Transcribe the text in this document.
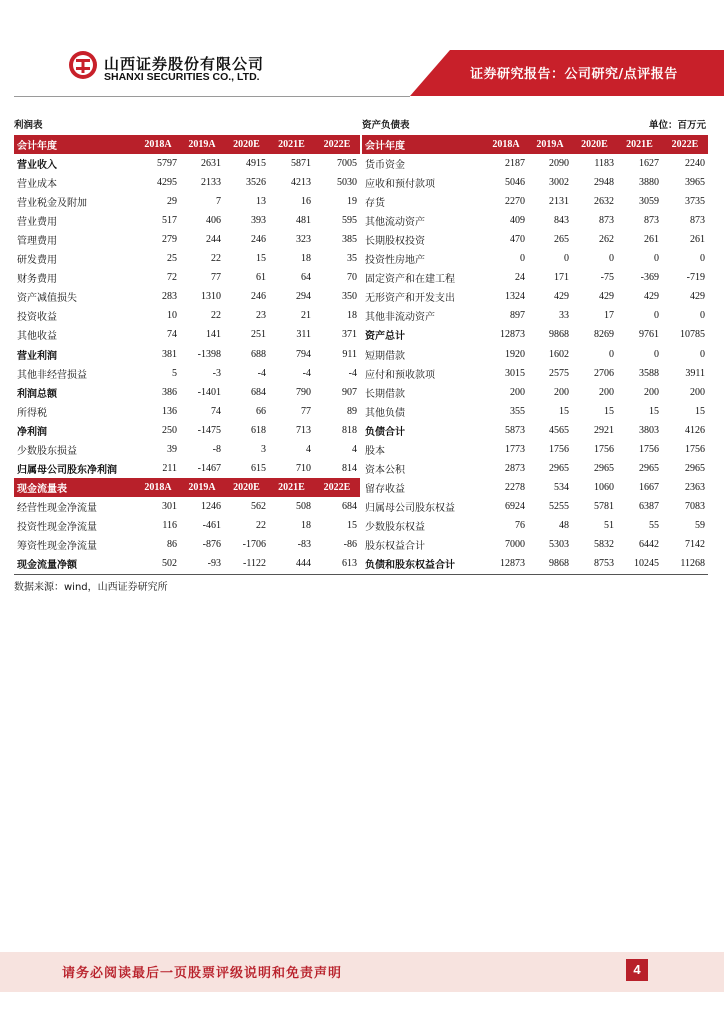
山西证券股份有限公司
SHANXI SECURITIES CO., LTD.	证券研究报告：公司研究/点评报告
利润表	资产负债表	单位：百万元
会计年度	2018A	2019A	2020E	2021E	2022E
营业收入	5797	2631	4915	5871	7005
营业成本	4295	2133	3526	4213	5030
营业税金及附加	29	7	13	16	19
营业费用	517	406	393	481	595
管理费用	279	244	246	323	385
研发费用	25	22	15	18	35
财务费用	72	77	61	64	70
资产减值损失	283	1310	246	294	350
投资收益	10	22	23	21	18
其他收益	74	141	251	311	371
营业利润	381	-1398	688	794	911
其他非经营损益	5	-3	-4	-4	-4
利润总额	386	-1401	684	790	907
所得税	136	74	66	77	89
净利润	250	-1475	618	713	818
少数股东损益	39	-8	3	4	4
归属母公司股东净利润	211	-1467	615	710	814
现金流量表	2018A	2019A	2020E	2021E	2022E
经营性现金净流量	301	1246	562	508	684
投资性现金净流量	116	-461	22	18	15
筹资性现金净流量	86	-876	-1706	-83	-86
现金流量净额	502	-93	-1122	444	613
会计年度	2018A	2019A	2020E	2021E	2022E
货币资金	2187	2090	1183	1627	2240
应收和预付款项	5046	3002	2948	3880	3965
存货	2270	2131	2632	3059	3735
其他流动资产	409	843	873	873	873
长期股权投资	470	265	262	261	261
投资性房地产	0	0	0	0	0
固定资产和在建工程	24	171	-75	-369	-719
无形资产和开发支出	1324	429	429	429	429
其他非流动资产	897	33	17	0	0
资产总计	12873	9868	8269	9761	10785
短期借款	1920	1602	0	0	0
应付和预收款项	3015	2575	2706	3588	3911
长期借款	200	200	200	200	200
其他负债	355	15	15	15	15
负债合计	5873	4565	2921	3803	4126
股本	1773	1756	1756	1756	1756
资本公积	2873	2965	2965	2965	2965
留存收益	2278	534	1060	1667	2363
归属母公司股东权益	6924	5255	5781	6387	7083
少数股东权益	76	48	51	55	59
股东权益合计	7000	5303	5832	6442	7142
负债和股东权益合计	12873	9868	8753	10245	11268
数据来源：wind，山西证券研究所
请务必阅读最后一页股票评级说明和免责声明	4
